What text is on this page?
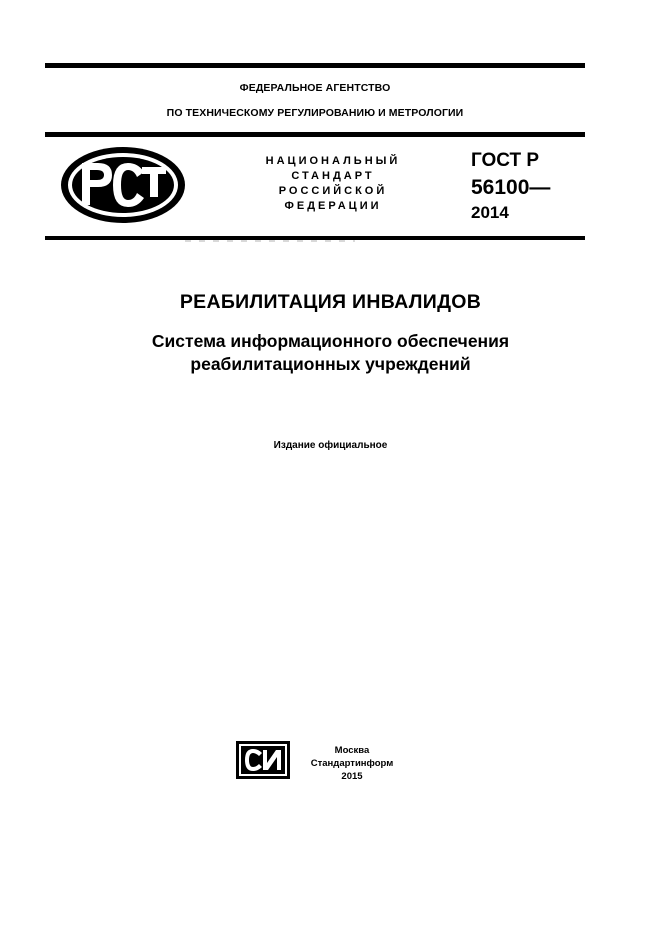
ФЕДЕРАЛЬНОЕ АГЕНТСТВО
ПО ТЕХНИЧЕСКОМУ РЕГУЛИРОВАНИЮ И МЕТРОЛОГИИ
НАЦИОНАЛЬНЫЙ
СТАНДАРТ
РОССИЙСКОЙ
ФЕДЕРАЦИИ
ГОСТ Р
56100—
2014
РЕАБИЛИТАЦИЯ ИНВАЛИДОВ
Система информационного обеспечения
реабилитационных учреждений
Издание официальное
Москва
Стандартинформ
2015
